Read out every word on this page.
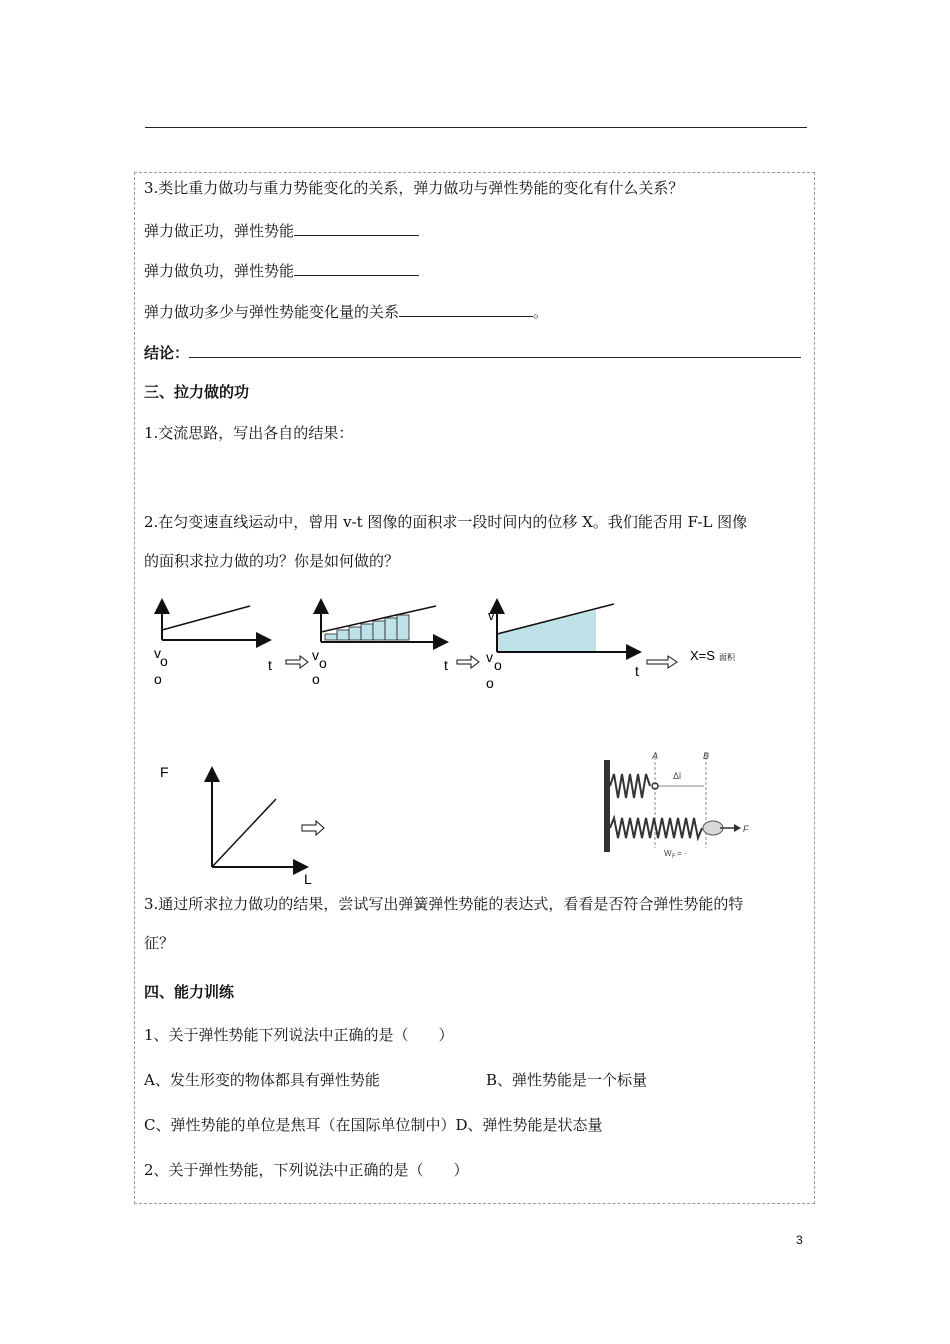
3.类比重力做功与重力势能变化的关系，弹力做功与弹性势能的变化有什么关系？
弹力做正功，弹性势能
弹力做负功，弹性势能
弹力做功多少与弹性势能变化量的关系	。
结论：
三、拉力做的功
1.交流思路，写出各自的结果：
2.在匀变速直线运动中，曾用 v-t 图像的面积求一段时间内的位移 X。我们能否用 F-L 图像
的面积求拉力做的功？你是如何做的？
v o
o
t
v o
o
t
v
v o
o
t
X=S 面积
F
L
A	B
Δl
F
W F = ·
3.通过所求拉力做功的结果，尝试写出弹簧弹性势能的表达式，看看是否符合弹性势能的特
征？
四、能力训练
1、关于弹性势能下列说法中正确的是（　　）
A、发生形变的物体都具有弹性势能	B、弹性势能是一个标量
C、弹性势能的单位是焦耳（在国际单位制中）D、弹性势能是状态量
2、关于弹性势能，下列说法中正确的是（　　）
3
